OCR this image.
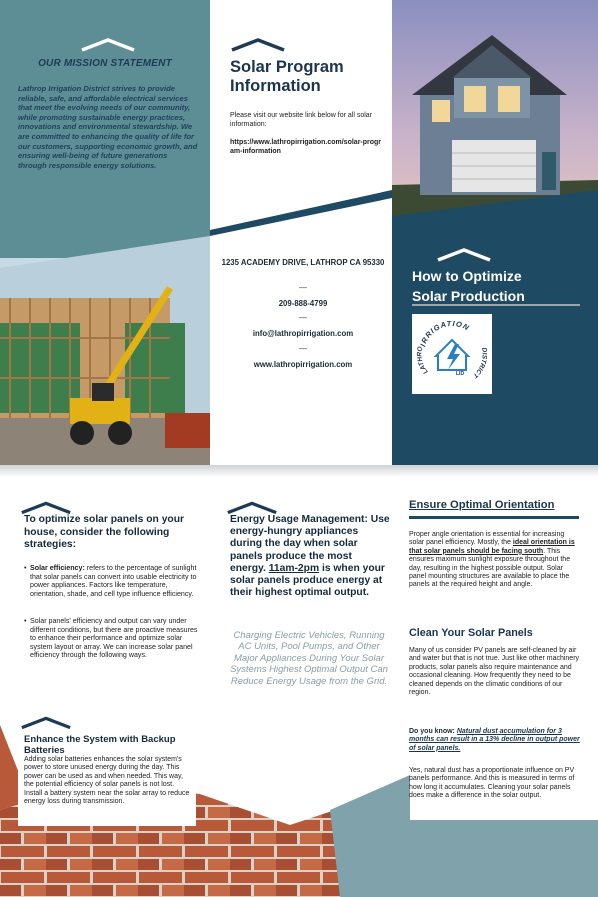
OUR MISSION STATEMENT
Lathrop Irrigation District strives to provide reliable, safe, and affordable electrical services that meet the evolving needs of our community, while promoting sustainable energy practices, innovations and environmental stewardship. We are committed to enhancing the quality of life for our customers, supporting economic growth, and ensuring well-being of future generations through responsible energy solutions.
Solar Program Information
Please visit our website link below for all solar information:
https://www.lathropirrigation.com/solar-program-information
1235 ACADEMY DRIVE, LATHROP CA 95330
—
209-888-4799
—
info@lathropirrigation.com
—
www.lathropirrigation.com
How to Optimize
Solar Production
IRRIGATION
LATHRO	DISTRICT
LID
To optimize solar panels on your house, consider the following strategies:
• Solar efficiency: refers to the percentage of sunlight that solar panels can convert into usable electricity to power appliances. Factors like temperature, orientation, shade, and cell type influence efficiency.
• Solar panels' efficiency and output can vary under different conditions, but there are proactive measures to enhance their performance and optimize solar system layout or array. We can increase solar panel efficiency through the following ways.
Enhance the System with Backup Batteries
Adding solar batteries enhances the solar system's power to store unused energy during the day. This power can be used as and when needed. This way, the potential efficiency of solar panels is not lost. Install a battery system near the solar array to reduce energy loss during transmission.
Energy Usage Management: Use energy-hungry appliances during the day when solar panels produce the most energy. 11am-2pm is when your solar panels produce energy at their highest optimal output.
Charging Electric Vehicles, Running AC Units, Pool Pumps, and Other Major Appliances During Your Solar Systems Highest Optimal Output Can Reduce Energy Usage from the Grid.
Ensure Optimal Orientation
Proper angle orientation is essential for increasing solar panel efficiency. Mostly, the ideal orientation is that solar panels should be facing south. This ensures maximum sunlight exposure throughout the day, resulting in the highest possible output. Solar panel mounting structures are available to place the panels at the required height and angle.
Clean Your Solar Panels
Many of us consider PV panels are self-cleaned by air and water but that is not true. Just like other machinery products, solar panels also require maintenance and occasional cleaning. How frequently they need to be cleaned depends on the climatic conditions of our region.
Do you know: Natural dust accumulation for 3 months can result in a 13% decline in output power of solar panels.
Yes, natural dust has a proportionate influence on PV panels performance. And this is measured in terms of how long it accumulates. Cleaning your solar panels does make a difference in the solar output.
